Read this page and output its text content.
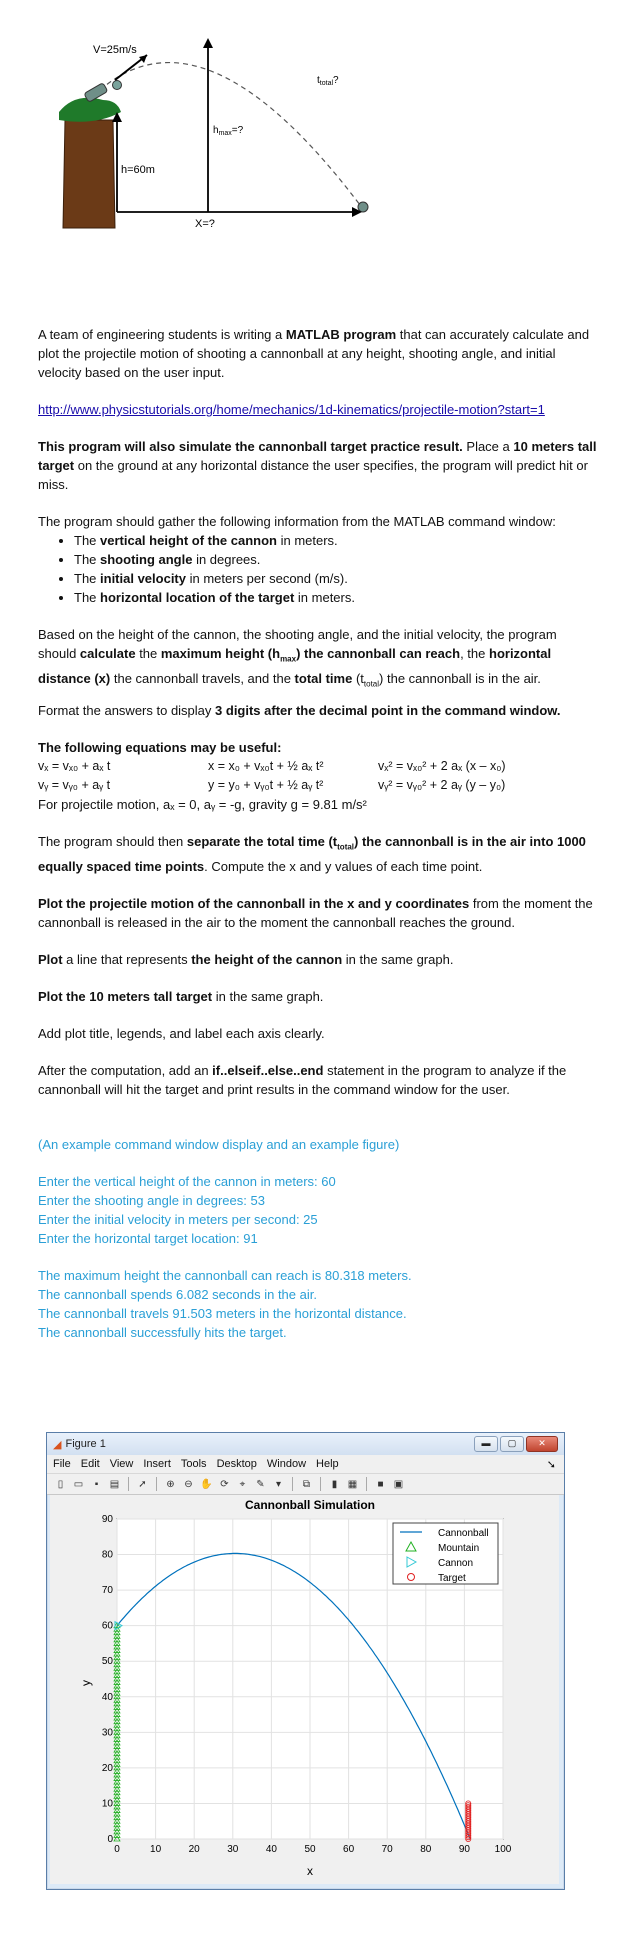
V=25m/s
$h_{max}=$?
h=60m
$t_{total}$?
X=?

A team of engineering students is writing a MATLAB program that can accurately calculate and plot the projectile motion of shooting a cannonball at any height, shooting angle, and initial velocity based on the user input.

http://www.physicstutorials.org/home/mechanics/1d-kinematics/projectile-motion?start=1

This program will also simulate the cannonball target practice result. Place a 10 meters tall target on the ground at any horizontal distance the user specifies, the program will predict hit or miss.

The program should gather the following information from the MATLAB command window:

• The vertical height of the cannon in meters.
• The shooting angle in degrees.
• The initial velocity in meters per second (m/s).
• The horizontal location of the target in meters.

Based on the height of the cannon, the shooting angle, and the initial velocity, the program should calculate the maximum height $(h_{max})$ the cannonball can reach, the horizontal distance (x) the cannonball travels, and the total time $(t_{total})$ the cannonball is in the air.

Format the answers to display 3 digits after the decimal point in the command window.

The following equations may be useful:
vₓ = vₓ₀ + aₓ t	x = x₀ + vₓ₀t + ½ aₓ t²	vₓ² = vₓ₀² + 2 aₓ (x – x₀)
vᵧ = vᵧ₀ + aᵧ t	y = y₀ + vᵧ₀t + ½ aᵧ t²	vᵧ² = vᵧ₀² + 2 aᵧ (y – y₀)
For projectile motion, aₓ = 0, aᵧ = -g, gravity g = 9.81 m/s²

The program should then separate the total time $(t_{total})$ the cannonball is in the air into 1000 equally spaced time points. Compute the x and y values of each time point.

Plot the projectile motion of the cannonball in the x and y coordinates from the moment the cannonball is released in the air to the moment the cannonball reaches the ground.

Plot a line that represents the height of the cannon in the same graph.

Plot the 10 meters tall target in the same graph.

Add plot title, legends, and label each axis clearly.

After the computation, add an if..elseif..else..end statement in the program to analyze if the cannonball will hit the target and print results in the command window for the user.

(An example command window display and an example figure)

Enter the vertical height of the cannon in meters: 60

Enter the shooting angle in degrees: 53

Enter the initial velocity in meters per second: 25

Enter the horizontal target location: 91

The maximum height the cannonball can reach is 80.318 meters.

The cannonball spends 6.082 seconds in the air.

The cannonball travels 91.503 meters in the horizontal distance.

The cannonball successfully hits the target.

◢ Figure 1	▬	▢	✕
File Edit View Insert Tools Desktop Window Help	➘
▯	▭	▪	▤	➚	⊕ ⊖ ✋ ⟳	⌖	✎	▾	⧉	▮	▦	■	▣
Cannonball Simulation
0	10	20	30	40	50	60	70	80	90 100
0
10
20
30
40
50
60
70
80
90
x
y
Cannonball
Mountain
Cannon
Target
